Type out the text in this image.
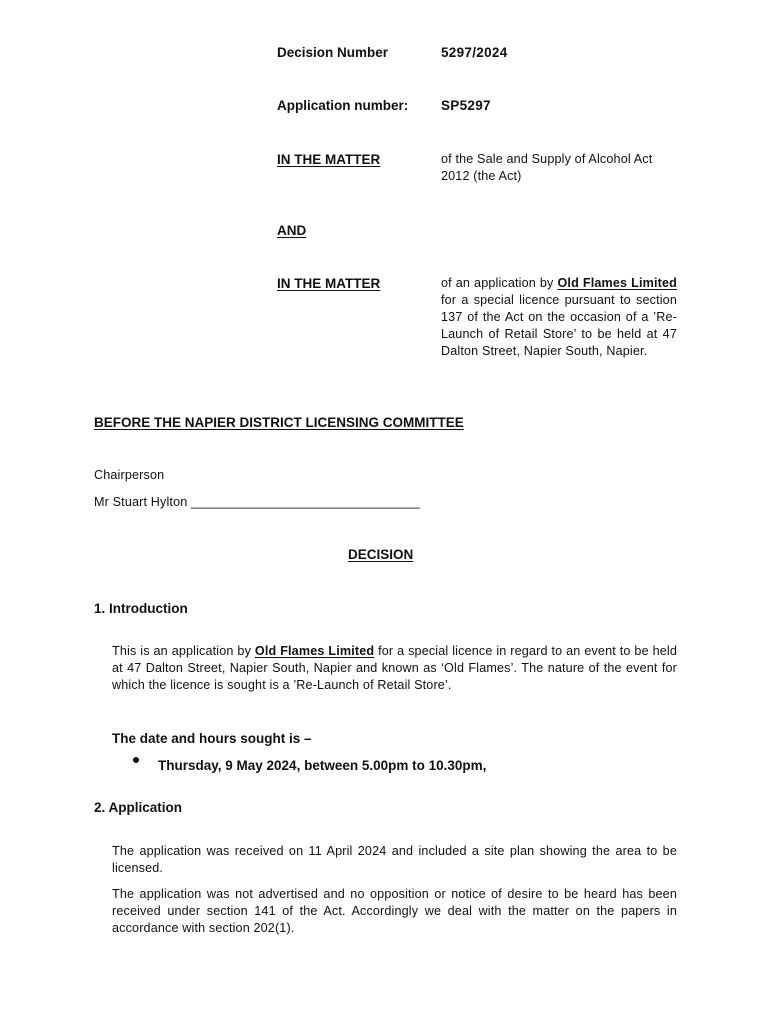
Decision Number	5297/2024
Application number: SP5297
IN THE MATTER	of the Sale and Supply of Alcohol Act 2012 (the Act)
AND
IN THE MATTER	of an application by Old Flames Limited for a special licence pursuant to section 137 of the Act on the occasion of a ’Re-Launch of Retail Store’ to be held at 47 Dalton Street, Napier South, Napier.
BEFORE THE NAPIER DISTRICT LICENSING COMMITTEE
Chairperson
Mr Stuart Hylton ________________________________
DECISION
1. Introduction
This is an application by Old Flames Limited for a special licence in regard to an event to be held at 47 Dalton Street, Napier South, Napier and known as ‘Old Flames’. The nature of the event for which the licence is sought is a ’Re-Launch of Retail Store’.
The date and hours sought is –
Thursday, 9 May 2024, between 5.00pm to 10.30pm,
2. Application
The application was received on 11 April 2024 and included a site plan showing the area to be licensed.
The application was not advertised and no opposition or notice of desire to be heard has been received under section 141 of the Act. Accordingly we deal with the matter on the papers in accordance with section 202(1).
